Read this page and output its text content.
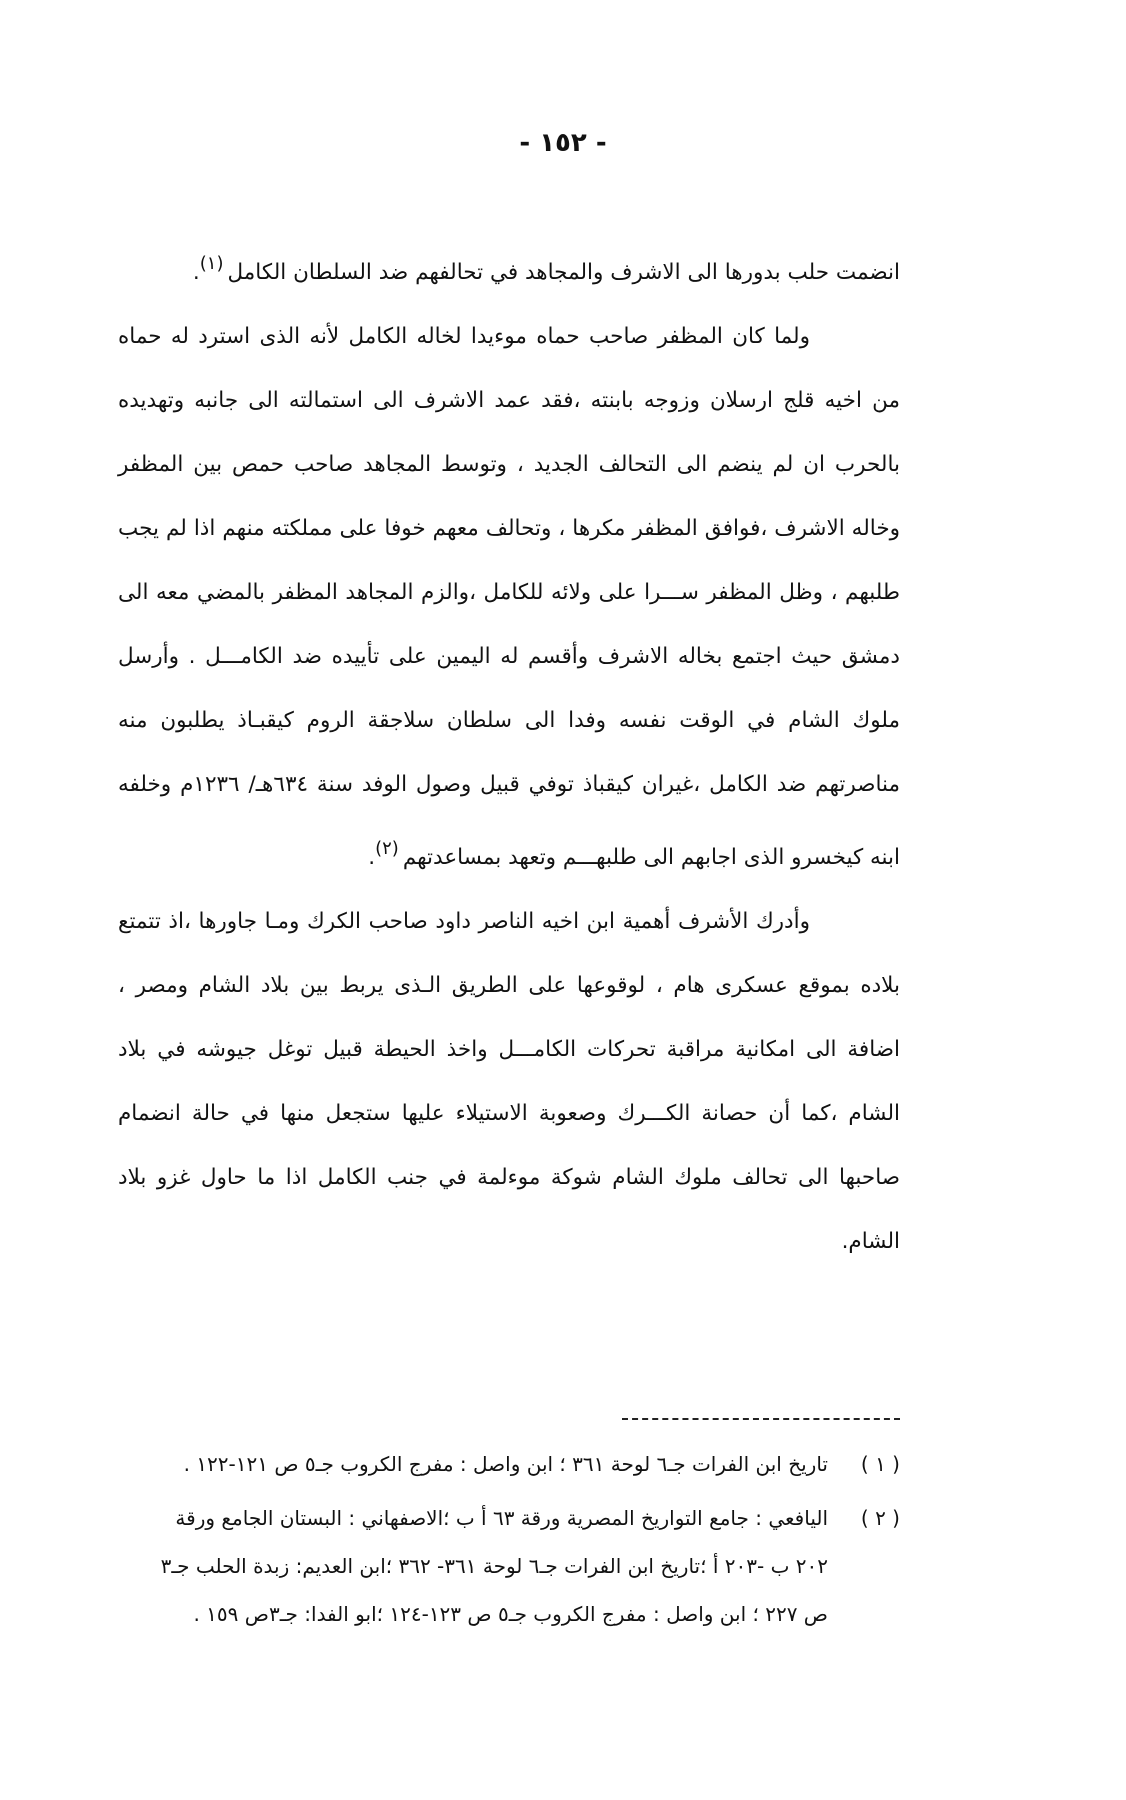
- ١٥٢ -

انضمت حلب بدورها الى الاشرف والمجاهد في تحالفهم ضد السلطان الكامل$^{(١)}$.

ولما كان المظفر صاحب حماه موءيدا لخاله الكامل لأنه الذى استرد له حماه من اخيه قلج ارسلان وزوجه بابنته ،فقد عمد الاشرف الى استمالته الى جانبه وتهديده بالحرب ان لم ينضم الى التحالف الجديد ، وتوسط المجاهد صاحب حمص بين المظفر وخاله الاشرف ،فوافق المظفر مكرها ، وتحالف معهم خوفا على مملكته منهم اذا لم يجب طلبهم ، وظل المظفر ســـرا على ولائه للكامل ،والزم المجاهد المظفر بالمضي معه الى دمشق حيث اجتمع بخاله الاشرف وأقسم له اليمين على تأييده ضد الكامـــل . وأرسل ملوك الشام في الوقت نفسه وفدا الى سلطان سلاجقة الروم كيقبـاذ يطلبون منه مناصرتهم ضد الكامل ،غيران كيقباذ توفي قبيل وصول الوفد سنة ٦٣٤هـ/ ١٢٣٦م وخلفه ابنه كيخسرو الذى اجابهم الى طلبهـــم وتعهد بمساعدتهم$^{(٢)}$.

وأدرك الأشرف أهمية ابن اخيه الناصر داود صاحب الكرك ومـا جاورها ،اذ تتمتع بلاده بموقع عسكرى هام ، لوقوعها على الطريق الـذى يربط بين بلاد الشام ومصر ، اضافة الى امكانية مراقبة تحركات الكامـــل واخذ الحيطة قبيل توغل جيوشه في بلاد الشام ،كما أن حصانة الكـــرك وصعوبة الاستيلاء عليها ستجعل منها في حالة انضمام صاحبها الى تحالف ملوك الشام شوكة موءلمة في جنب الكامل اذا ما حاول غزو بلاد الشام.

( ١ )
تاريخ ابن الفرات جـ٦ لوحة ٣٦١ ؛ ابن واصل : مفرج الكروب جـ٥ ص ١٢١-١٢٢ .
( ٢ )
اليافعي : جامع التواريخ المصرية ورقة ٦٣ أ ب ؛الاصفهاني : البستان الجامع ورقة ٢٠٢ ب -٢٠٣ أ ؛تاريخ ابن الفرات جـ٦ لوحة ٣٦١- ٣٦٢ ؛ابن العديم: زبدة الحلب جـ٣ ص ٢٢٧ ؛ ابن واصل : مفرج الكروب جـ٥ ص ١٢٣-١٢٤ ؛ابو الفدا: جـ٣ص ١٥٩ .
